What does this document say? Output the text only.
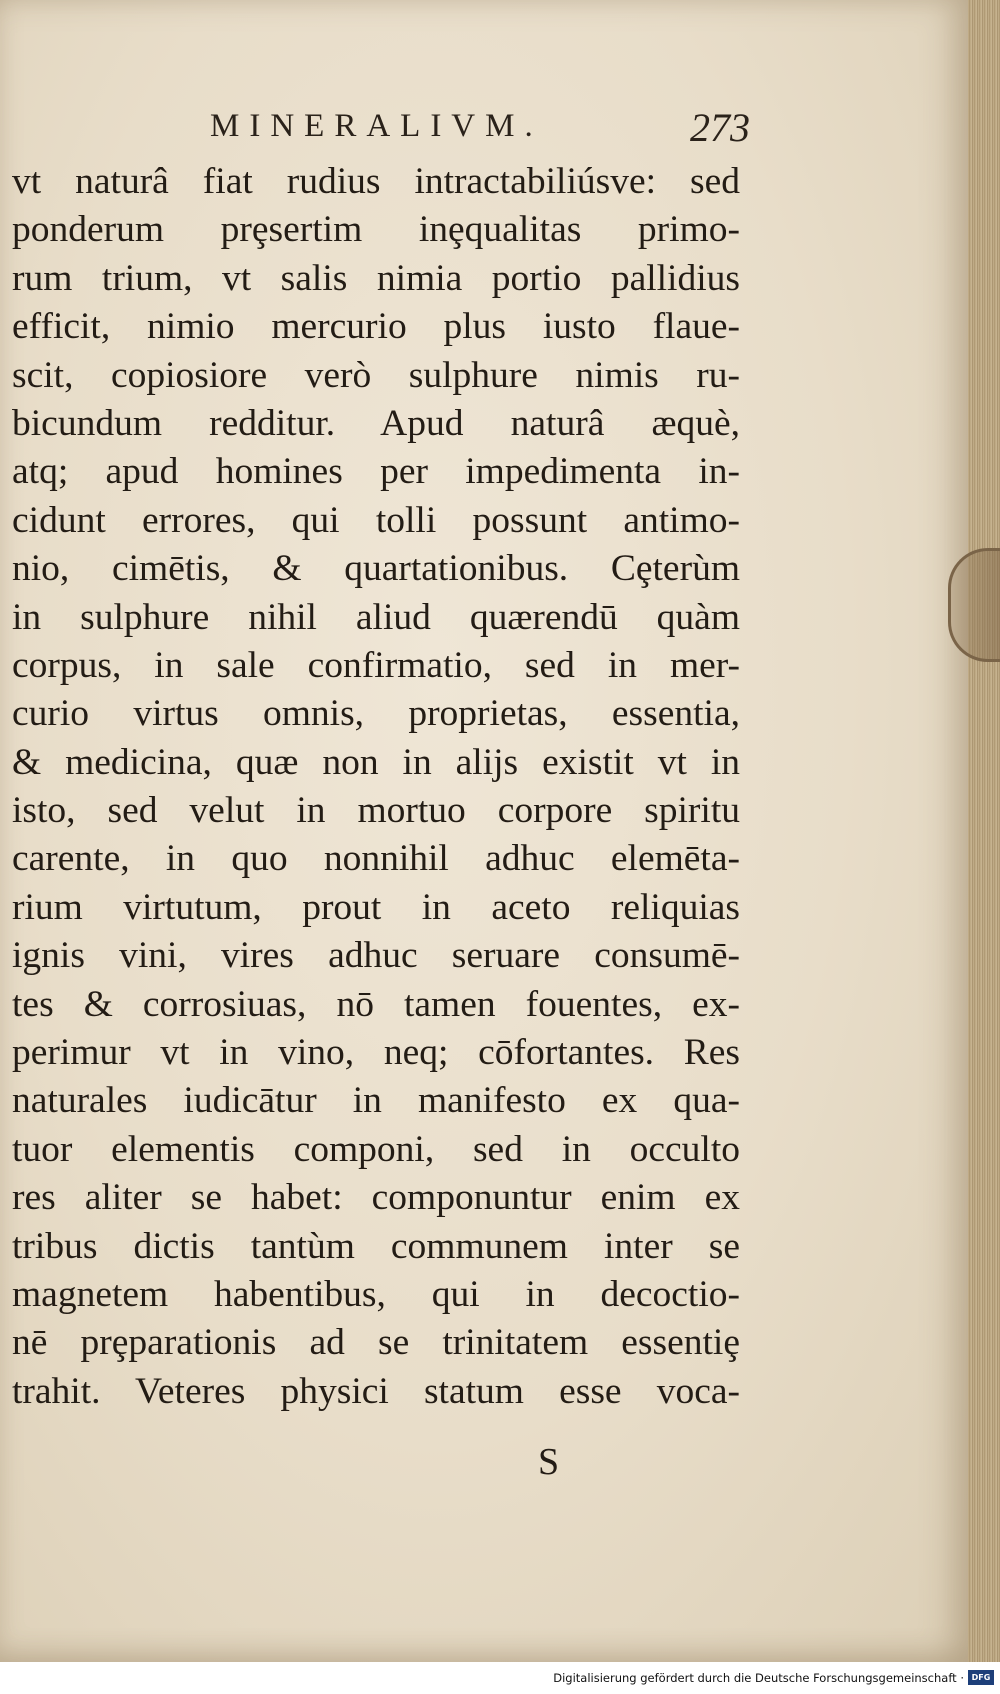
MINERALIVM.	273
vt naturâ fiat rudius intractabiliúsve: sed
ponderum prȩsertim inȩqualitas primo-
rum trium, vt salis nimia portio pallidius
efficit, nimio mercurio plus iusto flaue-
scit, copiosiore verò sulphure nimis ru-
bicundum redditur. Apud naturâ æquè,
atq; apud homines per impedimenta in-
cidunt errores, qui tolli possunt antimo-
nio, cimētis, & quartationibus. Cȩterùm
in sulphure nihil aliud quærendū quàm
corpus, in sale confirmatio, sed in mer-
curio virtus omnis, proprietas, essentia,
& medicina, quæ non in alijs existit vt in
isto, sed velut in mortuo corpore spiritu
carente, in quo nonnihil adhuc elemēta-
rium virtutum, prout in aceto reliquias
ignis vini, vires adhuc seruare consumē-
tes & corrosiuas, nō tamen fouentes, ex-
perimur vt in vino, neq; cōfortantes. Res
naturales iudicātur in manifesto ex qua-
tuor elementis componi, sed in occulto
res aliter se habet: componuntur enim ex
tribus dictis tantùm communem inter se
magnetem habentibus, qui in decoctio-
nē prȩparationis ad se trinitatem essentiȩ
trahit. Veteres physici statum esse voca-
S
Digitalisierung gefördert durch die Deutsche Forschungsgemeinschaft · DFG
